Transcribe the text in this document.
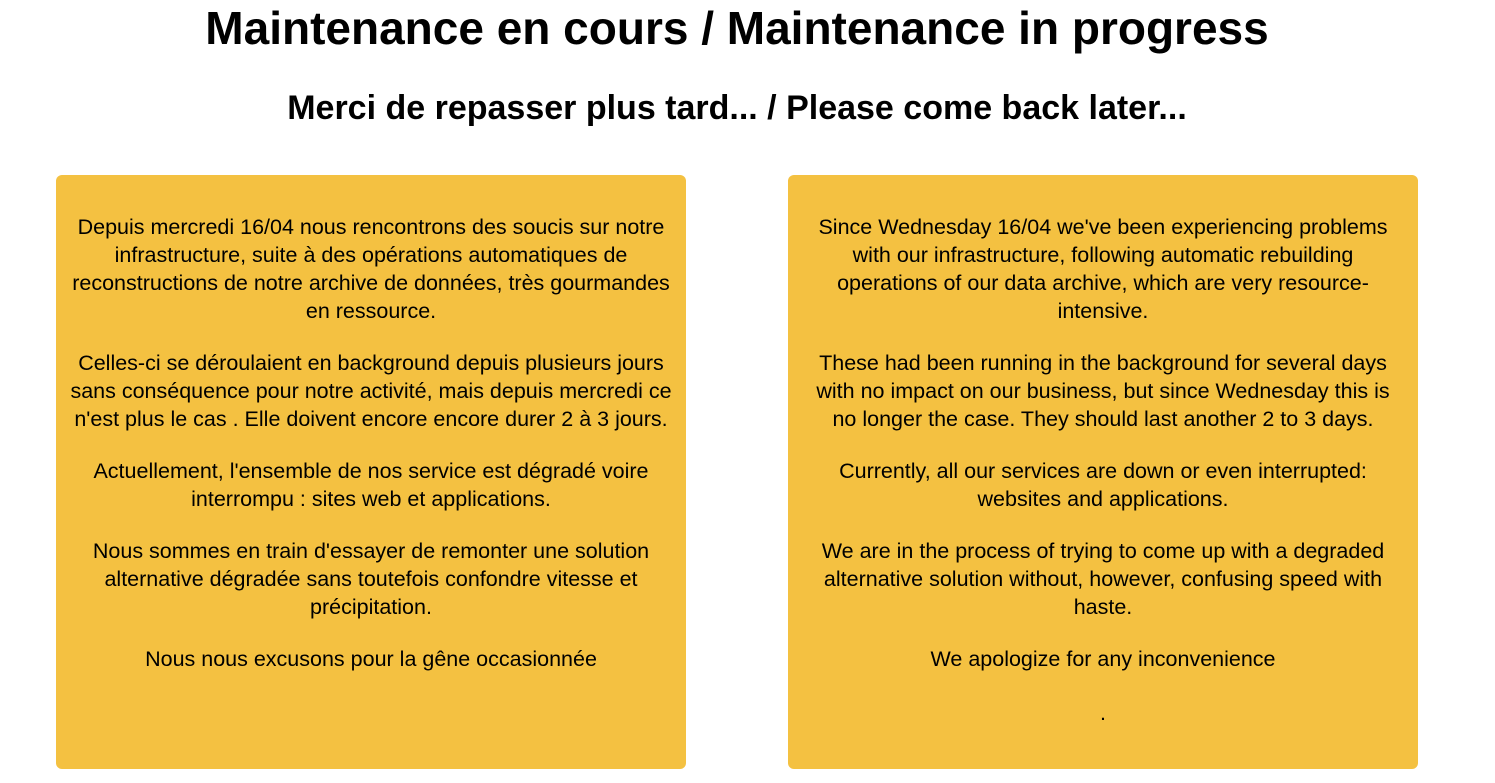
Maintenance en cours / Maintenance in progress
Merci de repasser plus tard... / Please come back later...

Depuis mercredi 16/04 nous rencontrons des soucis sur notre infrastructure, suite à des opérations automatiques de reconstructions de notre archive de données, très gourmandes en ressource.

Celles-ci se déroulaient en background depuis plusieurs jours sans conséquence pour notre activité, mais depuis mercredi ce n'est plus le cas . Elle doivent encore encore durer 2 à 3 jours.

Actuellement, l'ensemble de nos service est dégradé voire interrompu : sites web et applications.

Nous sommes en train d'essayer de remonter une solution alternative dégradée sans toutefois confondre vitesse et précipitation.

Nous nous excusons pour la gêne occasionnée

Since Wednesday 16/04 we've been experiencing problems with our infrastructure, following automatic rebuilding operations of our data archive, which are very resource-intensive.

These had been running in the background for several days with no impact on our business, but since Wednesday this is no longer the case. They should last another 2 to 3 days.

Currently, all our services are down or even interrupted: websites and applications.

We are in the process of trying to come up with a degraded alternative solution without, however, confusing speed with haste.

We apologize for any inconvenience

.
